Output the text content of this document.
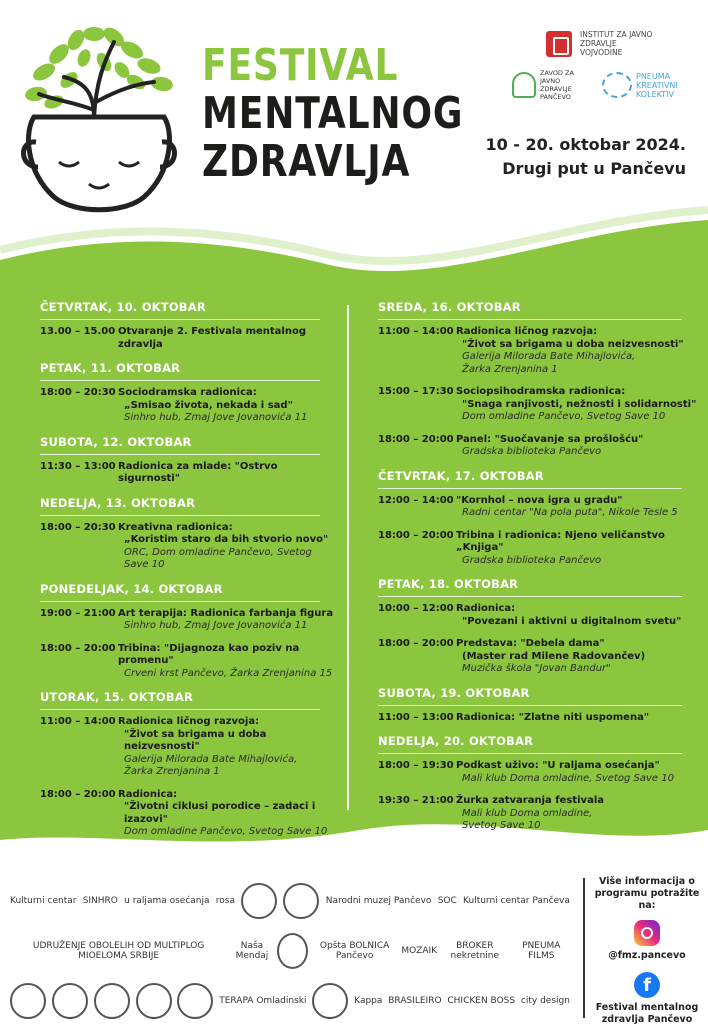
FESTIVAL
MENTALNOG
ZDRAVLJA
INSTITUT ZA JAVNO ZDRAVLJE VOJVODINE
ZAVOD ZA JAVNO ZDRAVLJE PANČEVO
PNEUMA KREATIVNI KOLEKTIV
10 - 20. oktobar 2024.
Drugi put u Pančevu
ČETVRTAK, 10. OKTOBAR
13.00 – 15.00 Otvaranje 2. Festivala mentalnog zdravlja
PETAK, 11. OKTOBAR
18:00 – 20:30 Sociodramska radionica:
„Smisao života, nekada i sad"
Sinhro hub, Zmaj Jove Jovanovića 11
SUBOTA, 12. OKTOBAR
11:30 – 13:00 Radionica za mlade: "Ostrvo sigurnosti"
NEDELJA, 13. OKTOBAR
18:00 – 20:30 Kreativna radionica:
„Koristim staro da bih stvorio novo"
ORC, Dom omladine Pančevo, Svetog Save 10
PONEDELJAK, 14. OKTOBAR
19:00 – 21:00 Art terapija: Radionica farbanja figura
Sinhro hub, Zmaj Jove Jovanovića 11
18:00 – 20:00 Tribina: "Dijagnoza kao poziv na promenu"
Crveni krst Pančevo, Žarka Zrenjanina 15
UTORAK, 15. OKTOBAR
11:00 – 14:00 Radionica ličnog razvoja:
"Život sa brigama u doba neizvesnosti"
Galerija Milorada Bate Mihajlovića,
Žarka Zrenjanina 1
18:00 – 20:00 Radionica:
"Životni ciklusi porodice – zadaci i izazovi"
Dom omladine Pančevo, Svetog Save 10
SREDA, 16. OKTOBAR
11:00 – 14:00 Radionica ličnog razvoja:
"Život sa brigama u doba neizvesnosti"
Galerija Milorada Bate Mihajlovića,
Žarka Zrenjanina 1
15:00 – 17:30 Sociopsihodramska radionica:
"Snaga ranjivosti, nežnosti i solidarnosti"
Dom omladine Pančevo, Svetog Save 10
18:00 – 20:00 Panel: "Suočavanje sa prošlošću"
Gradska biblioteka Pančevo
ČETVRTAK, 17. OKTOBAR
12:00 – 14:00 "Kornhol – nova igra u gradu"
Radni centar "Na pola puta", Nikole Tesle 5
18:00 – 20:00 Tribina i radionica: Njeno veličanstvo „Knjiga"
Gradska biblioteka Pančevo
PETAK, 18. OKTOBAR
10:00 – 12:00 Radionica:
"Povezani i aktivni u digitalnom svetu"
18:00 – 20:00 Predstava: "Debela dama"
(Master rad Milene Radovančev)
Muzička škola "Jovan Bandur"
SUBOTA, 19. OKTOBAR
11:00 – 13:00 Radionica: "Zlatne niti uspomena"
NEDELJA, 20. OKTOBAR
18:00 – 19:30 Podkast uživo: "U raljama osećanja"
Mali klub Doma omladine, Svetog Save 10
19:30 – 21:00 Žurka zatvaranja festivala
Mali klub Doma omladine,
Svetog Save 10
Kulturni centar SINHRO u raljama osećanja rosa	Narodni muzej Pančevo SOC Kulturni centar Pančeva
UDRUŽENJE OBOLELIH OD MULTIPLOG MIOELOMA SRBIJE
Naša Mendaj
Opšta BOLNICA Pančevo	MOZAIK	BROKER nekretnine
PNEUMA FILMS
TERAPA Omladinski	Kappa BRASILEIRO CHICKEN BOSS city design
Više informacija o programu potražite na:
@fmz.pancevo
f
Festival mentalnog zdravlja Pančevo
